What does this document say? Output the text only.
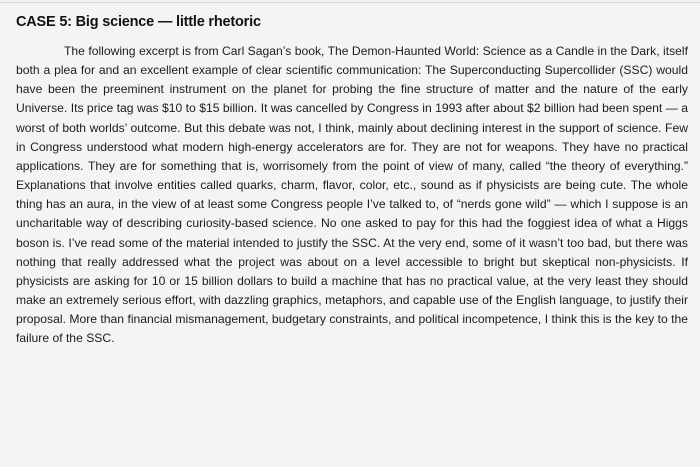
CASE 5: Big science — little rhetoric

The following excerpt is from Carl Sagan’s book, The Demon-Haunted World: Science as a Candle in the Dark, itself both a plea for and an excellent example of clear scientific communication: The Superconducting Supercollider (SSC) would have been the preeminent instrument on the planet for probing the fine structure of matter and the nature of the early Universe. Its price tag was $10 to $15 billion. It was cancelled by Congress in 1993 after about $2 billion had been spent — a worst of both worlds’ outcome. But this debate was not, I think, mainly about declining interest in the support of science. Few in Congress understood what modern high-energy accelerators are for. They are not for weapons. They have no practical applications. They are for something that is, worrisomely from the point of view of many, called “the theory of everything.” Explanations that involve entities called quarks, charm, flavor, color, etc., sound as if physicists are being cute. The whole thing has an aura, in the view of at least some Congress people I’ve talked to, of “nerds gone wild” — which I suppose is an uncharitable way of describing curiosity-based science. No one asked to pay for this had the foggiest idea of what a Higgs boson is. I’ve read some of the material intended to justify the SSC. At the very end, some of it wasn’t too bad, but there was nothing that really addressed what the project was about on a level accessible to bright but skeptical non-physicists. If physicists are asking for 10 or 15 billion dollars to build a machine that has no practical value, at the very least they should make an extremely serious effort, with dazzling graphics, metaphors, and capable use of the English language, to justify their proposal. More than financial mismanagement, budgetary constraints, and political incompetence, I think this is the key to the failure of the SSC.
